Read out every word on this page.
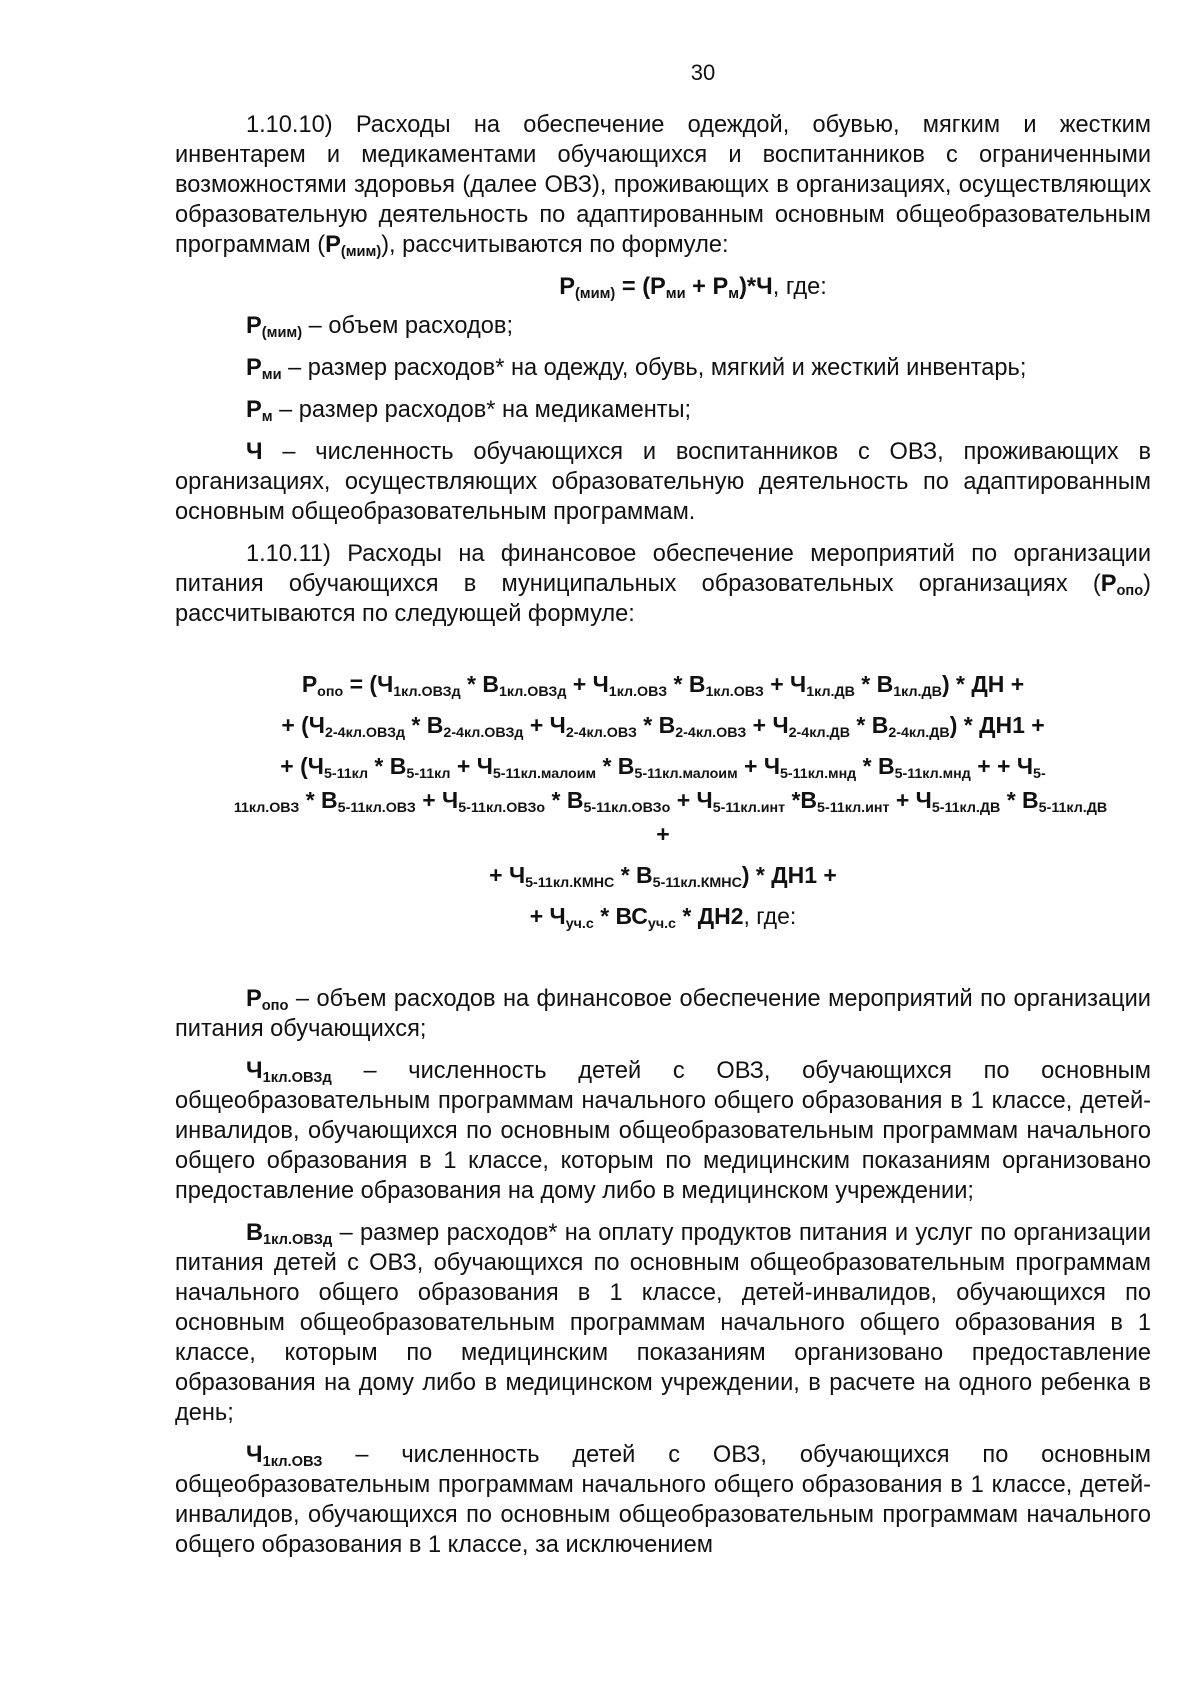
30

1.10.10) Расходы на обеспечение одеждой, обувью, мягким и жестким инвентарем и медикаментами обучающихся и воспитанников с ограниченными возможностями здоровья (далее ОВЗ), проживающих в организациях, осуществляющих образовательную деятельность по адаптированным основным общеобразовательным программам $(Р_{(мим)})$, рассчитываются по формуле:

$Р_{(мим)} = (Р_{ми} + Р_м)*Ч$, где:

$Р_{(мим)}$ – объем расходов;

$Р_{ми}$ – размер расходов* на одежду, обувь, мягкий и жесткий инвентарь;

$Р_м$ – размер расходов* на медикаменты;

Ч – численность обучающихся и воспитанников с ОВЗ, проживающих в организациях, осуществляющих образовательную деятельность по адаптированным основным общеобразовательным программам.

1.10.11) Расходы на финансовое обеспечение мероприятий по организации питания обучающихся в муниципальных образовательных организациях $(Р_{опо})$ рассчитываются по следующей формуле:

$Р_{опо} = (Ч_{1кл.ОВЗд} * В_{1кл.ОВЗд} + Ч_{1кл.ОВЗ} * В_{1кл.ОВЗ} + Ч_{1кл.ДВ} * В_{1кл.ДВ})$ * ДН +
+ $(Ч_{2-4кл.ОВЗд} * В_{2-4кл.ОВЗд} + Ч_{2-4кл.ОВЗ} * В_{2-4кл.ОВЗ} + Ч_{2-4кл.ДВ} * В_{2-4кл.ДВ}) * ДН1$ +
+ ($Ч_{5-11кл} * В_{5-11кл} + Ч_{5-11кл.малоим} * В_{5-11кл.малоим} + Ч_{5-11кл.мнд} * В_{5-11кл.мнд}$ + + $Ч_{5-}$
$_{11кл.ОВЗ} * В_{5-11кл.ОВЗ} + Ч_{5-11кл.ОВЗо} * В_{5-11кл.ОВЗо} + Ч_{5-11кл.инт}$ $*В_{5-11кл.инт} + Ч_{5-11кл.ДВ} * В_{5-11кл.ДВ}$
+
+ $Ч_{5-11кл.КМНС} * В_{5-11кл.КМНС}) * ДН1$ +
+ $Ч_{уч.с} * ВС_{уч.с} * ДН2$, где:

$Р_{опо}$ – объем расходов на финансовое обеспечение мероприятий по организации питания обучающихся;

$Ч_{1кл.ОВЗд}$ – численность детей с ОВЗ, обучающихся по основным общеобразовательным программам начального общего образования в 1 классе, детей-инвалидов, обучающихся по основным общеобразовательным программам начального общего образования в 1 классе, которым по медицинским показаниям организовано предоставление образования на дому либо в медицинском учреждении;

$В_{1кл.ОВЗд}$ – размер расходов* на оплату продуктов питания и услуг по организации питания детей с ОВЗ, обучающихся по основным общеобразовательным программам начального общего образования в 1 классе, детей-инвалидов, обучающихся по основным общеобразовательным программам начального общего образования в 1 классе, которым по медицинским показаниям организовано предоставление образования на дому либо в медицинском учреждении, в расчете на одного ребенка в день;

$Ч_{1кл.ОВЗ}$ – численность детей с ОВЗ, обучающихся по основным общеобразовательным программам начального общего образования в 1 классе, детей-инвалидов, обучающихся по основным общеобразовательным программам начального общего образования в 1 классе, за исключением
